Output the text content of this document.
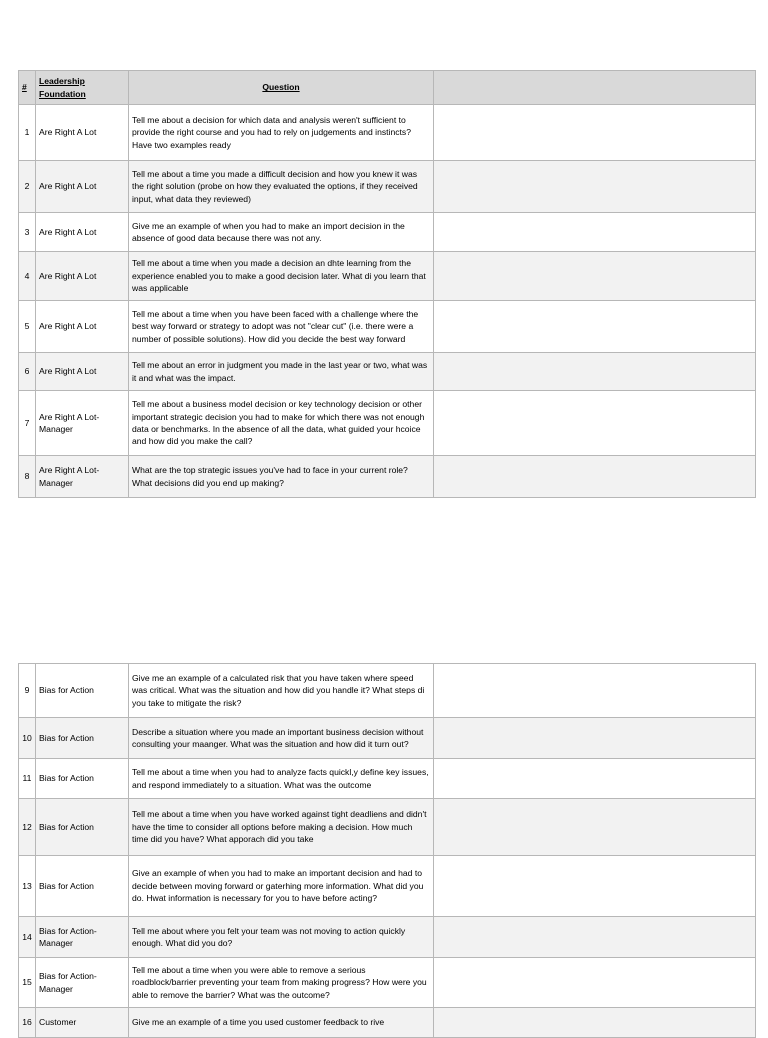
#	Leadership Foundation	Question	
1	Are Right A Lot	Tell me about a decision for which data and analysis weren't sufficient to provide the right course and you had to rely on judgements and instincts? Have two examples ready	
2	Are Right A Lot	Tell me about a time you made a difficult decision and how you knew it was the right solution (probe on how they evaluated the options, if they received input, what data they reviewed)	
3	Are Right A Lot	Give me an example of when you had to make an import decision in the absence of good data because there was not any.	
4	Are Right A Lot	Tell me about a time when you made a decision an dhte learning from the experience enabled you to make a good decision later. What di you learn that was applicable	
5	Are Right A Lot	Tell me about a time when you have been faced with a challenge where the best way forward or strategy to adopt was not "clear cut" (i.e. there were a number of possible solutions). How did you decide the best way forward	
6	Are Right A Lot	Tell me about an error in judgment you made in the last year or two, what was it and what was the impact.	
7	Are Right A Lot-Manager	Tell me about a business model decision or key technology decision or other important strategic decision you had to make for which there was not enough data or benchmarks. In the absence of all the data, what guided your hcoice and how did you make the call?	
8	Are Right A Lot-Manager	What are the top strategic issues you've had to face in your current role? What decisions did you end up making?	
9	Bias for Action	Give me an example of a calculated risk that you have taken where speed was critical. What was the situation and how did you handle it? What steps di you take to mitigate the risk?	
10	Bias for Action	Describe a situation where you made an important business decision without consulting your maanger. What was the situation and how did it turn out?	
11	Bias for Action	Tell me about a time when you had to analyze facts quickl,y define key issues, and respond immediately to a situation. What was the outcome	
12	Bias for Action	Tell me about a time when you have worked against tight deadliens and didn't have the time to consider all options before making a decision. How much time did you have? What apporach did you take	
13	Bias for Action	Give an example of when you had to make an important decision and had to decide between moving forward or gaterhing more information. What did you do. Hwat information is necessary for you to have before acting?	
14	Bias for Action-Manager	Tell me about where you felt your team was not moving to action quickly enough. What did you do?	
15	Bias for Action-Manager	Tell me about a time when you were able to remove a serious roadblock/barrier preventing your team from making progress? How were you able to remove the barrier? What was the outcome?	
16	Customer	Give me an example of a time you used customer feedback to rive	
